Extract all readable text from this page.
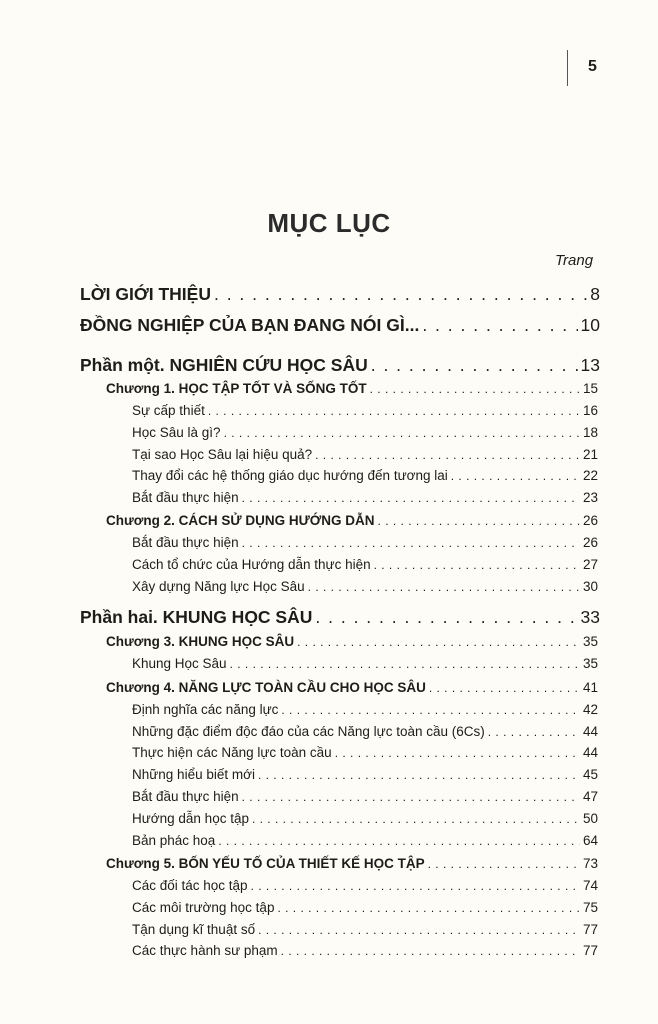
5
MỤC LỤC
Trang
LỜI GIỚI THIỆU . . .	8
ĐỒNG NGHIỆP CỦA BẠN ĐANG NÓI GÌ... . . .	10
Phần một. NGHIÊN CỨU HỌC SÂU . . .	13
Chương 1. HỌC TẬP TỐT VÀ SỐNG TỐT . . .	15
Sự cấp thiết . . .	16
Học Sâu là gì? . . .	18
Tại sao Học Sâu lại hiệu quả? . . .	21
Thay đổi các hệ thống giáo dục hướng đến tương lai . . .	22
Bắt đầu thực hiện . . .	23
Chương 2. CÁCH SỬ DỤNG HƯỚNG DẪN . . .	26
Bắt đầu thực hiện . . .	26
Cách tổ chức của Hướng dẫn thực hiện . . .	27
Xây dựng Năng lực Học Sâu . . .	30
Phần hai. KHUNG HỌC SÂU . . .	33
Chương 3. KHUNG HỌC SÂU . . .	35
Khung Học Sâu . . .	35
Chương 4. NĂNG LỰC TOÀN CẦU CHO HỌC SÂU . . .	41
Định nghĩa các năng lực . . .	42
Những đặc điểm độc đáo của các Năng lực toàn cầu (6Cs) . . .	44
Thực hiện các Năng lực toàn cầu . . .	44
Những hiểu biết mới . . .	45
Bắt đầu thực hiện . . .	47
Hướng dẫn học tập . . .	50
Bản phác hoạ . . .	64
Chương 5. BỐN YẾU TỐ CỦA THIẾT KẾ HỌC TẬP . . .	73
Các đối tác học tập . . .	74
Các môi trường học tập . . .	75
Tận dụng kĩ thuật số . . .	77
Các thực hành sư phạm . . .	77
